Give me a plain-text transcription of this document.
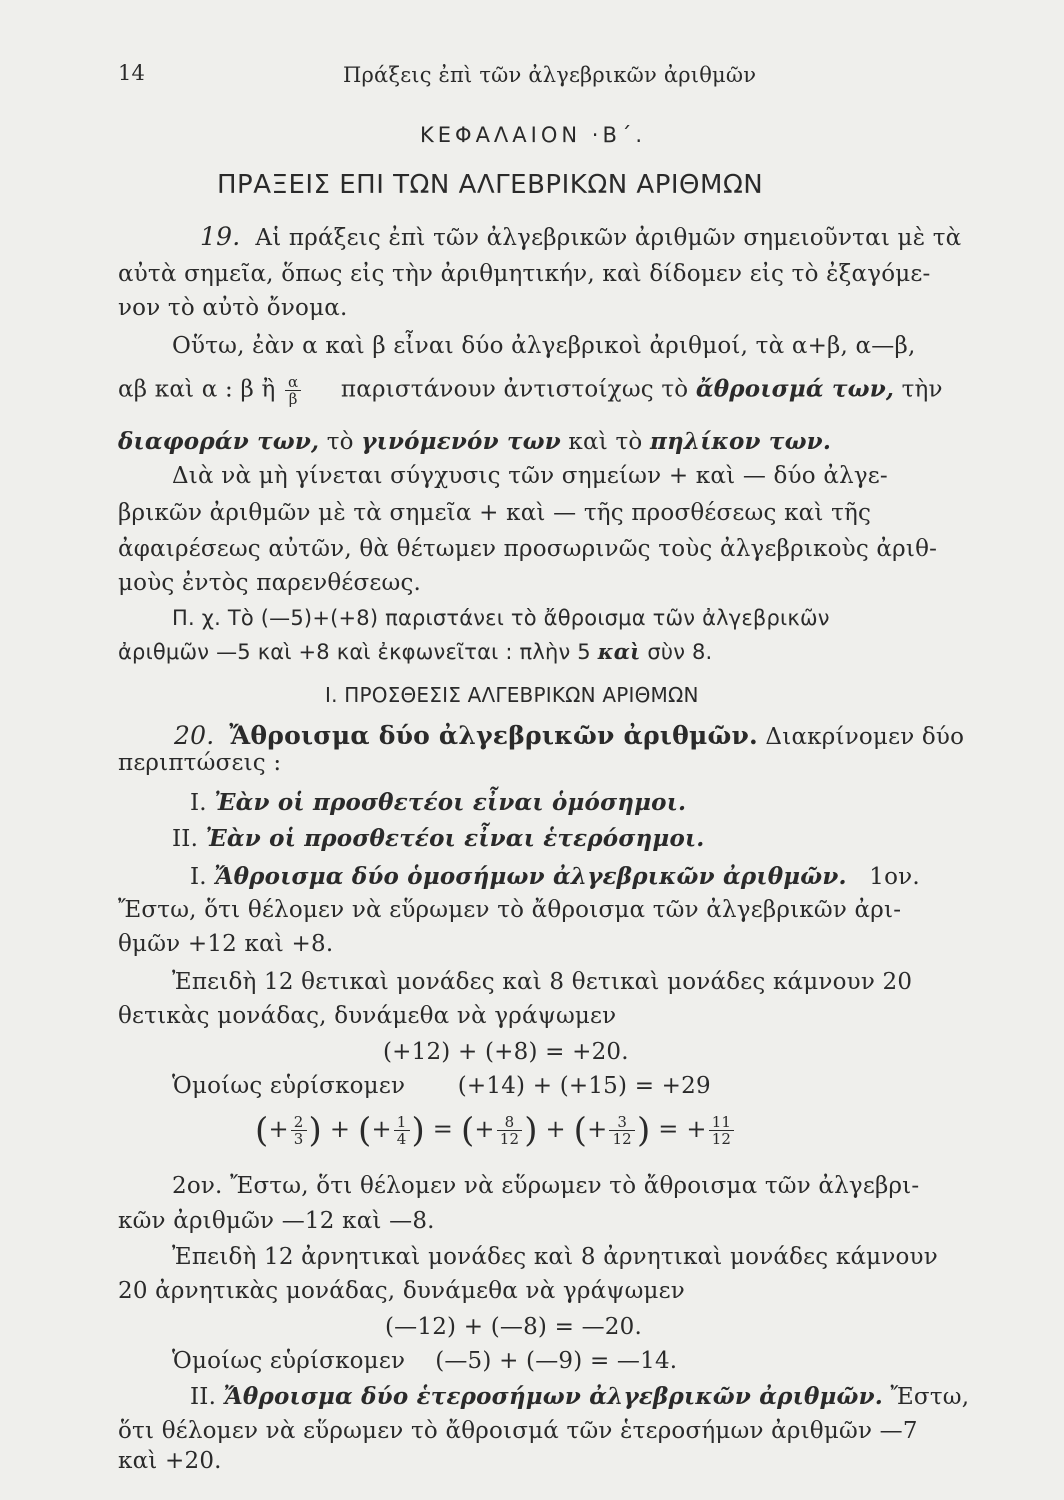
14	Πράξεις ἐπὶ τῶν ἀλγεβρικῶν ἀριθμῶν
ΚΕΦΑΛΑΙΟΝ ·Β΄.
ΠΡΑΞΕΙΣ ΕΠΙ ΤΩΝ ΑΛΓΕΒΡΙΚΩΝ ΑΡΙΘΜΩΝ
19. Αἱ πράξεις ἐπὶ τῶν ἀλγεβρικῶν ἀριθμῶν σημειοῦνται μὲ τὰ
αὐτὰ σημεῖα, ὅπως εἰς τὴν ἀριθμητικήν, καὶ δίδομεν εἰς τὸ ἐξαγόμε-
νον τὸ αὐτὸ ὄνομα.
Οὕτω, ἐὰν α καὶ β εἶναι δύο ἀλγεβρικοὶ ἀριθμοί, τὰ α+β, α—β,
αβ καὶ α : β ἢ $\frac{\alpha}{\beta}$ παριστάνουν ἀντιστοίχως τὸ ἄθροισμά των, τὴν
διαφοράν των, τὸ γινόμενόν των καὶ τὸ πηλίκον των.
Διὰ νὰ μὴ γίνεται σύγχυσις τῶν σημείων + καὶ — δύο ἀλγε-
βρικῶν ἀριθμῶν μὲ τὰ σημεῖα + καὶ — τῆς προσθέσεως καὶ τῆς
ἀφαιρέσεως αὐτῶν, θὰ θέτωμεν προσωρινῶς τοὺς ἀλγεβρικοὺς ἀριθ-
μοὺς ἐντὸς παρενθέσεως.
Π. χ. Τὸ (—5)+(+8) παριστάνει τὸ ἄθροισμα τῶν ἀλγεβρικῶν
ἀριθμῶν —5 καὶ +8 καὶ ἐκφωνεῖται : πλὴν 5 καὶ σὺν 8.
Ι. ΠΡΟΣΘΕΣΙΣ ΑΛΓΕΒΡΙΚΩΝ ΑΡΙΘΜΩΝ
20. Ἄθροισμα δύο ἀλγεβρικῶν ἀριθμῶν. Διακρίνομεν δύο
περιπτώσεις :
I. Ἐὰν οἱ προσθετέοι εἶναι ὁμόσημοι.
II. Ἐὰν οἱ προσθετέοι εἶναι ἑτερόσημοι.
I. Ἄθροισμα δύο ὁμοσήμων ἀλγεβρικῶν ἀριθμῶν. 1ον.
Ἔστω, ὅτι θέλομεν νὰ εὕρωμεν τὸ ἄθροισμα τῶν ἀλγεβρικῶν ἀρι-
θμῶν +12 καὶ +8.
Ἐπειδὴ 12 θετικαὶ μονάδες καὶ 8 θετικαὶ μονάδες κάμνουν 20
θετικὰς μονάδας, δυνάμεθα νὰ γράψωμεν
(+12) + (+8) = +20.
Ὁμοίως εὑρίσκομεν (+14) + (+15) = +29
(+ $\frac{2}{3}$ ) + (+ $\frac{1}{4}$ ) = (+ $\frac{8}{12}$ ) + (+ $\frac{3}{12}$ ) = + $\frac{11}{12}$
2ον. Ἔστω, ὅτι θέλομεν νὰ εὕρωμεν τὸ ἄθροισμα τῶν ἀλγεβρι-
κῶν ἀριθμῶν —12 καὶ —8.
Ἐπειδὴ 12 ἀρνητικαὶ μονάδες καὶ 8 ἀρνητικαὶ μονάδες κάμνουν
20 ἀρνητικὰς μονάδας, δυνάμεθα νὰ γράψωμεν
(—12) + (—8) = —20.
Ὁμοίως εὑρίσκομεν (—5) + (—9) = —14.
II. Ἄθροισμα δύο ἑτεροσήμων ἀλγεβρικῶν ἀριθμῶν. Ἔστω,
ὅτι θέλομεν νὰ εὕρωμεν τὸ ἄθροισμά τῶν ἑτεροσήμων ἀριθμῶν —7
καὶ +20.
